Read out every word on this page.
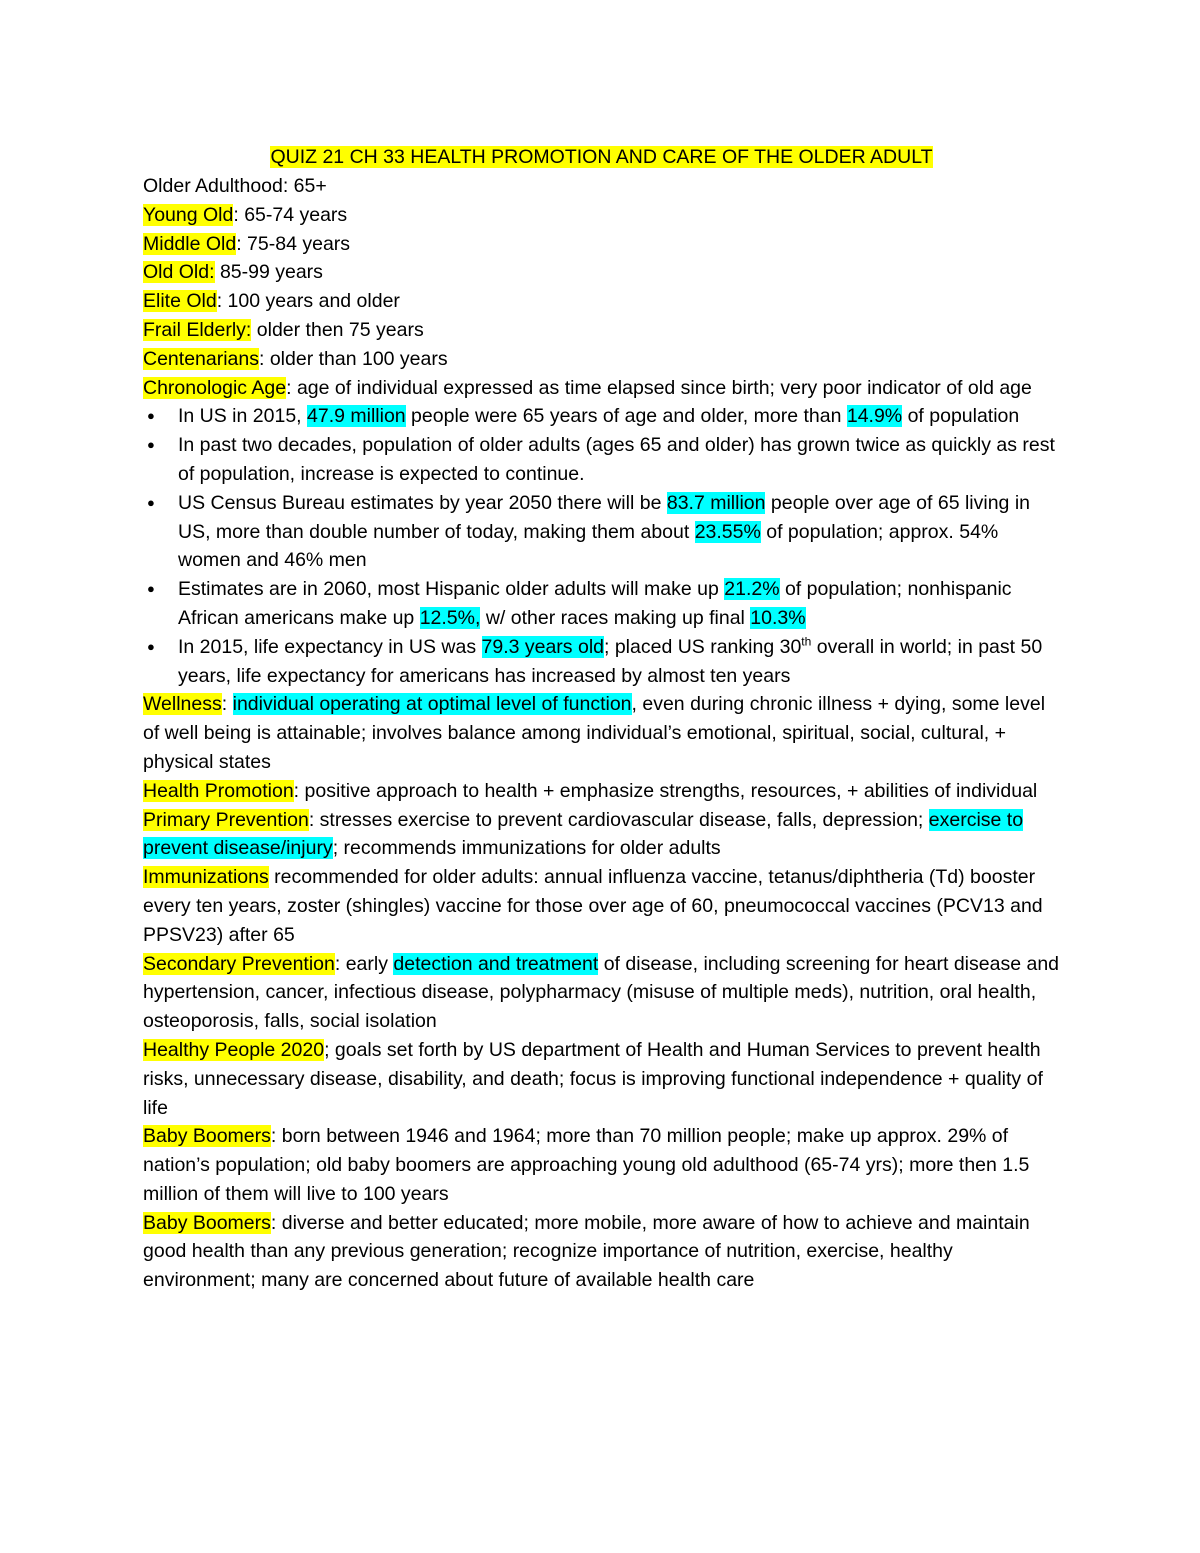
QUIZ 21 CH 33 HEALTH PROMOTION AND CARE OF THE OLDER ADULT

Older Adulthood: 65+

Young Old: 65-74 years

Middle Old: 75-84 years

Old Old: 85-99 years

Elite Old: 100 years and older

Frail Elderly: older then 75 years

Centenarians: older than 100 years

Chronologic Age: age of individual expressed as time elapsed since birth; very poor indicator of old age

● In US in 2015, 47.9 million people were 65 years of age and older, more than 14.9% of population
● In past two decades, population of older adults (ages 65 and older) has grown twice as quickly as rest of population, increase is expected to continue.
● US Census Bureau estimates by year 2050 there will be 83.7 million people over age of 65 living in US, more than double number of today, making them about 23.55% of population; approx. 54% women and 46% men
● Estimates are in 2060, most Hispanic older adults will make up 21.2% of population; nonhispanic African americans make up 12.5%, w/ other races making up final 10.3%
● In 2015, life expectancy in US was 79.3 years old; placed US ranking 30th overall in world; in past 50 years, life expectancy for americans has increased by almost ten years

Wellness: individual operating at optimal level of function, even during chronic illness + dying, some level of well being is attainable; involves balance among individual’s emotional, spiritual, social, cultural, + physical states

Health Promotion: positive approach to health + emphasize strengths, resources, + abilities of individual

Primary Prevention: stresses exercise to prevent cardiovascular disease, falls, depression; exercise to prevent disease/injury; recommends immunizations for older adults

Immunizations recommended for older adults: annual influenza vaccine, tetanus/diphtheria (Td) booster every ten years, zoster (shingles) vaccine for those over age of 60, pneumococcal vaccines (PCV13 and PPSV23) after 65

Secondary Prevention: early detection and treatment of disease, including screening for heart disease and hypertension, cancer, infectious disease, polypharmacy (misuse of multiple meds), nutrition, oral health, osteoporosis, falls, social isolation

Healthy People 2020; goals set forth by US department of Health and Human Services to prevent health risks, unnecessary disease, disability, and death; focus is improving functional independence + quality of life

Baby Boomers: born between 1946 and 1964; more than 70 million people; make up approx. 29% of nation’s population; old baby boomers are approaching young old adulthood (65-74 yrs); more then 1.5 million of them will live to 100 years

Baby Boomers: diverse and better educated; more mobile, more aware of how to achieve and maintain good health than any previous generation; recognize importance of nutrition, exercise, healthy environment; many are concerned about future of available health care
